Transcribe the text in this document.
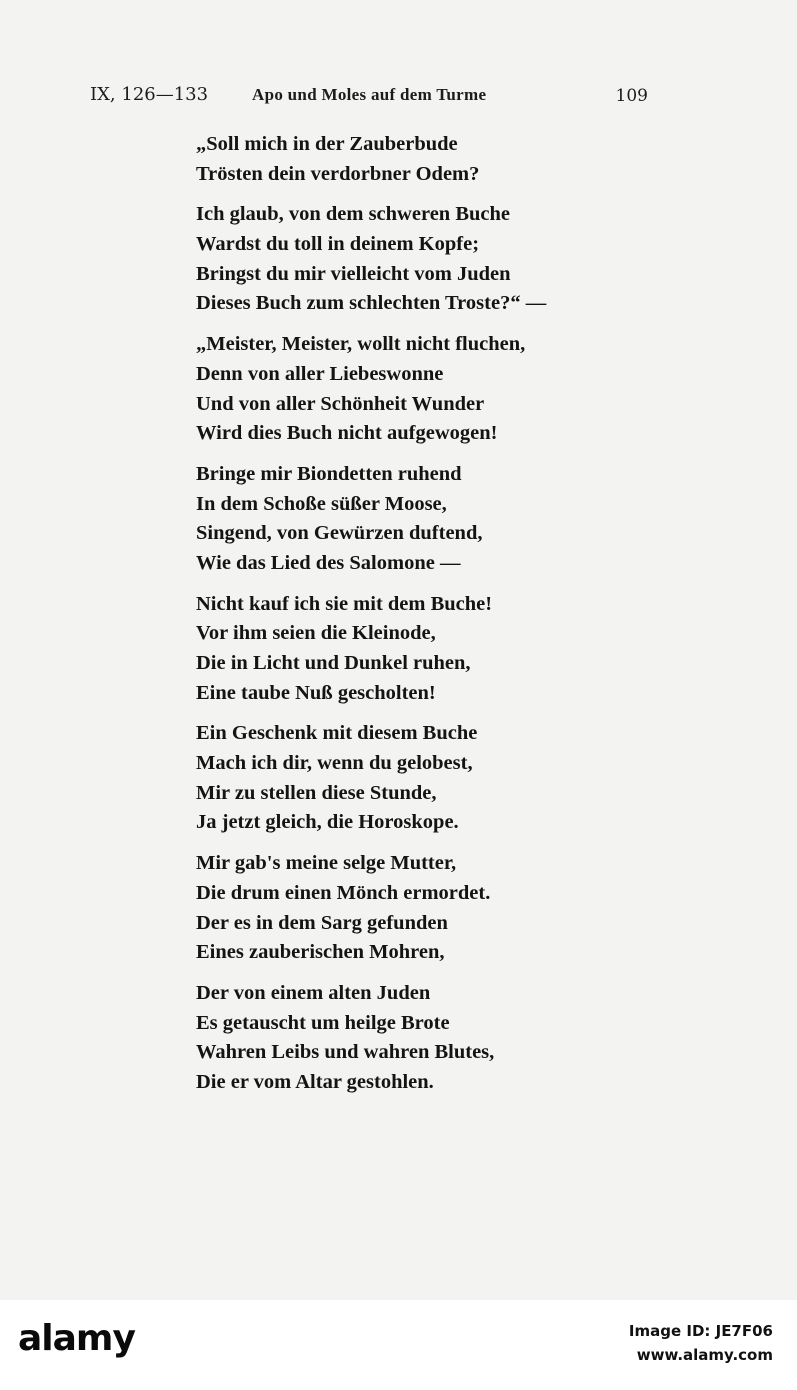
IX, 126—133	Apo und Moles auf dem Turme	109
„Soll mich in der Zauberbude
Trösten dein verdorbner Odem?
Ich glaub, von dem schweren Buche
Wardst du toll in deinem Kopfe;
Bringst du mir vielleicht vom Juden
Dieses Buch zum schlechten Troste?“ —
„Meister, Meister, wollt nicht fluchen,
Denn von aller Liebeswonne
Und von aller Schönheit Wunder
Wird dies Buch nicht aufgewogen!
Bringe mir Biondetten ruhend
In dem Schoße süßer Moose,
Singend, von Gewürzen duftend,
Wie das Lied des Salomone —
Nicht kauf ich sie mit dem Buche!
Vor ihm seien die Kleinode,
Die in Licht und Dunkel ruhen,
Eine taube Nuß gescholten!
Ein Geschenk mit diesem Buche
Mach ich dir, wenn du gelobest,
Mir zu stellen diese Stunde,
Ja jetzt gleich, die Horoskope.
Mir gab's meine selge Mutter,
Die drum einen Mönch ermordet.
Der es in dem Sarg gefunden
Eines zauberischen Mohren,
Der von einem alten Juden
Es getauscht um heilge Brote
Wahren Leibs und wahren Blutes,
Die er vom Altar gestohlen.
alamy	Image ID: JE7F06
www.alamy.com
